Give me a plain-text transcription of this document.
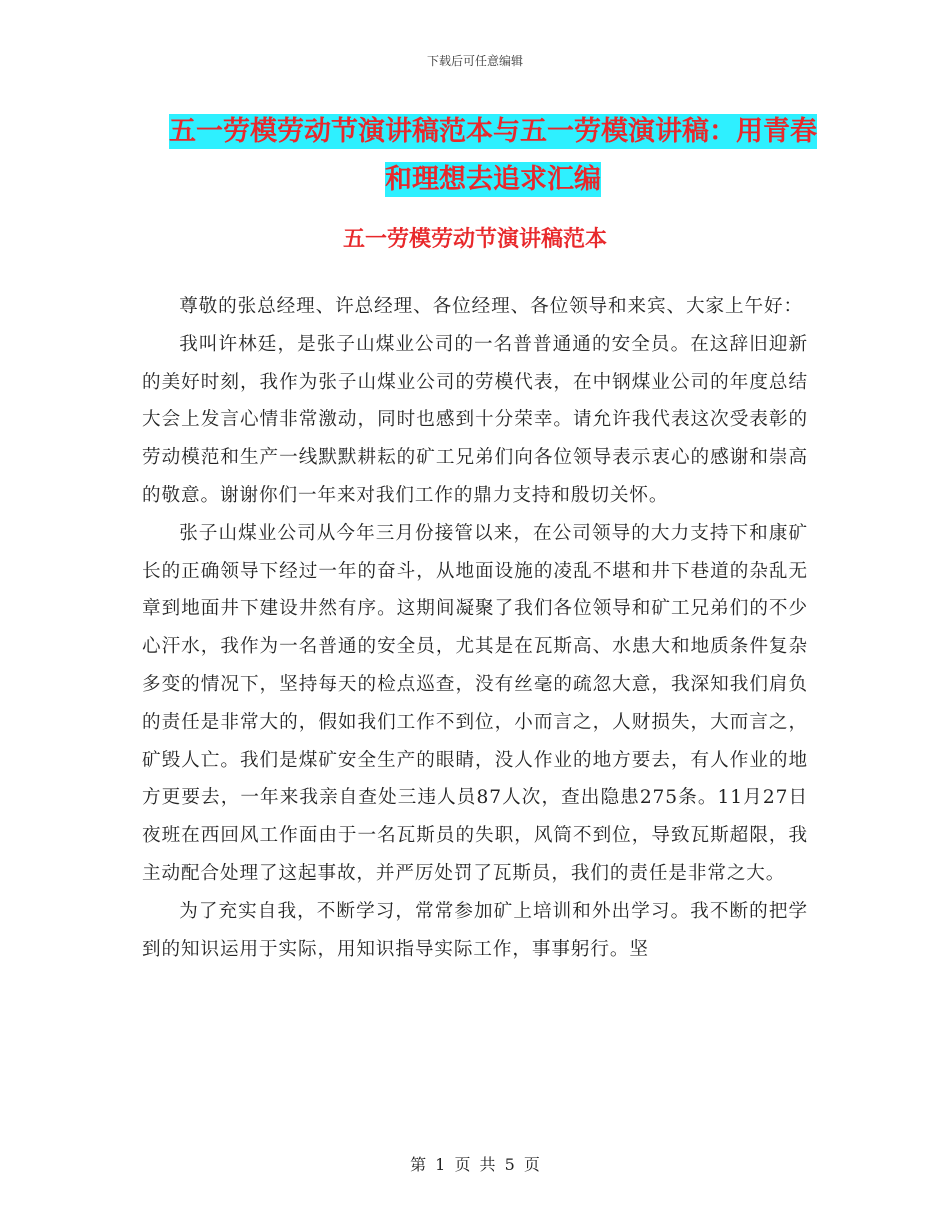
下载后可任意编辑
五一劳模劳动节演讲稿范本与五一劳模演讲稿：用青春和理想去追求汇编
五一劳模劳动节演讲稿范本

尊敬的张总经理、许总经理、各位经理、各位领导和来宾、大家上午好：

我叫许林廷，是张子山煤业公司的一名普普通通的安全员。在这辞旧迎新的美好时刻，我作为张子山煤业公司的劳模代表，在中钢煤业公司的年度总结大会上发言心情非常激动，同时也感到十分荣幸。请允许我代表这次受表彰的劳动模范和生产一线默默耕耘的矿工兄弟们向各位领导表示衷心的感谢和崇高的敬意。谢谢你们一年来对我们工作的鼎力支持和殷切关怀。

张子山煤业公司从今年三月份接管以来，在公司领导的大力支持下和康矿长的正确领导下经过一年的奋斗，从地面设施的凌乱不堪和井下巷道的杂乱无章到地面井下建设井然有序。这期间凝聚了我们各位领导和矿工兄弟们的不少心汗水，我作为一名普通的安全员，尤其是在瓦斯高、水患大和地质条件复杂多变的情况下，坚持每天的检点巡查，没有丝毫的疏忽大意，我深知我们肩负的责任是非常大的，假如我们工作不到位，小而言之，人财损失，大而言之，矿毁人亡。我们是煤矿安全生产的眼睛，没人作业的地方要去，有人作业的地方更要去，一年来我亲自查处三违人员87人次，查出隐患275条。11月27日夜班在西回风工作面由于一名瓦斯员的失职，风筒不到位，导致瓦斯超限，我主动配合处理了这起事故，并严厉处罚了瓦斯员，我们的责任是非常之大。

为了充实自我，不断学习，常常参加矿上培训和外出学习。我不断的把学到的知识运用于实际，用知识指导实际工作，事事躬行。坚

第 1 页 共 5 页
